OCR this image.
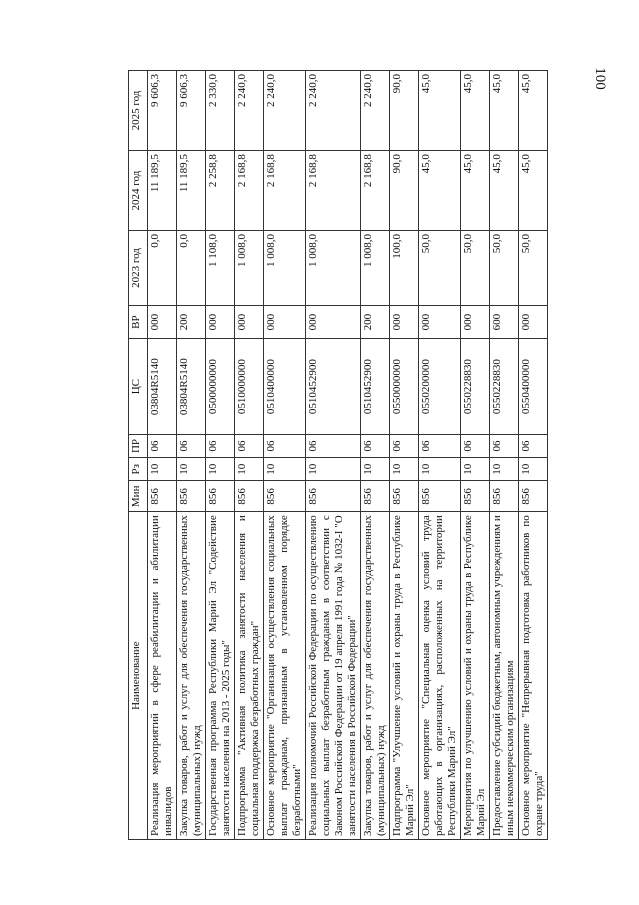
100
Наименование	Мин	Рз	ПР	ЦС	ВР	2023 год	2024 год	2025 год
Реализация мероприятий в сфере реабилитации и абилитации инвалидов	856	10	06	03804R5140	000	0,0	11 189,5	9 606,3
Закупка товаров, работ и услуг для обеспечения государственных (муниципальных) нужд	856	10	06	03804R5140	200	0,0	11 189,5	9 606,3
Государственная программа Республики Марий Эл "Содействие занятости населения на 2013 - 2025 годы"	856	10	06	0500000000	000	1 108,0	2 258,8	2 330,0
Подпрограмма "Активная политика занятости населения и социальная поддержка безработных граждан"	856	10	06	0510000000	000	1 008,0	2 168,8	2 240,0
Основное мероприятие "Организация осуществления социальных выплат гражданам, признанным в установленном порядке безработными"	856	10	06	0510400000	000	1 008,0	2 168,8	2 240,0
Реализация полномочий Российской Федерации по осуществлению социальных выплат безработным гражданам в соответствии с Законом Российской Федерации от 19 апреля 1991 года № 1032-I "О занятости населения в Российской Федерации"	856	10	06	0510452900	000	1 008,0	2 168,8	2 240,0
Закупка товаров, работ и услуг для обеспечения государственных (муниципальных) нужд	856	10	06	0510452900	200	1 008,0	2 168,8	2 240,0
Подпрограмма "Улучшение условий и охраны труда в Республике Марий Эл"	856	10	06	0550000000	000	100,0	90,0	90,0
Основное мероприятие "Специальная оценка условий труда работающих в организациях, расположенных на территории Республики Марий Эл"	856	10	06	0550200000	000	50,0	45,0	45,0
Мероприятия по улучшению условий и охраны труда в Республике Марий Эл	856	10	06	0550228830	000	50,0	45,0	45,0
Предоставление субсидий бюджетным, автономным учреждениям и иным некоммерческим организациям	856	10	06	0550228830	600	50,0	45,0	45,0
Основное мероприятие "Непрерывная подготовка работников по охране труда"	856	10	06	0550400000	000	50,0	45,0	45,0
